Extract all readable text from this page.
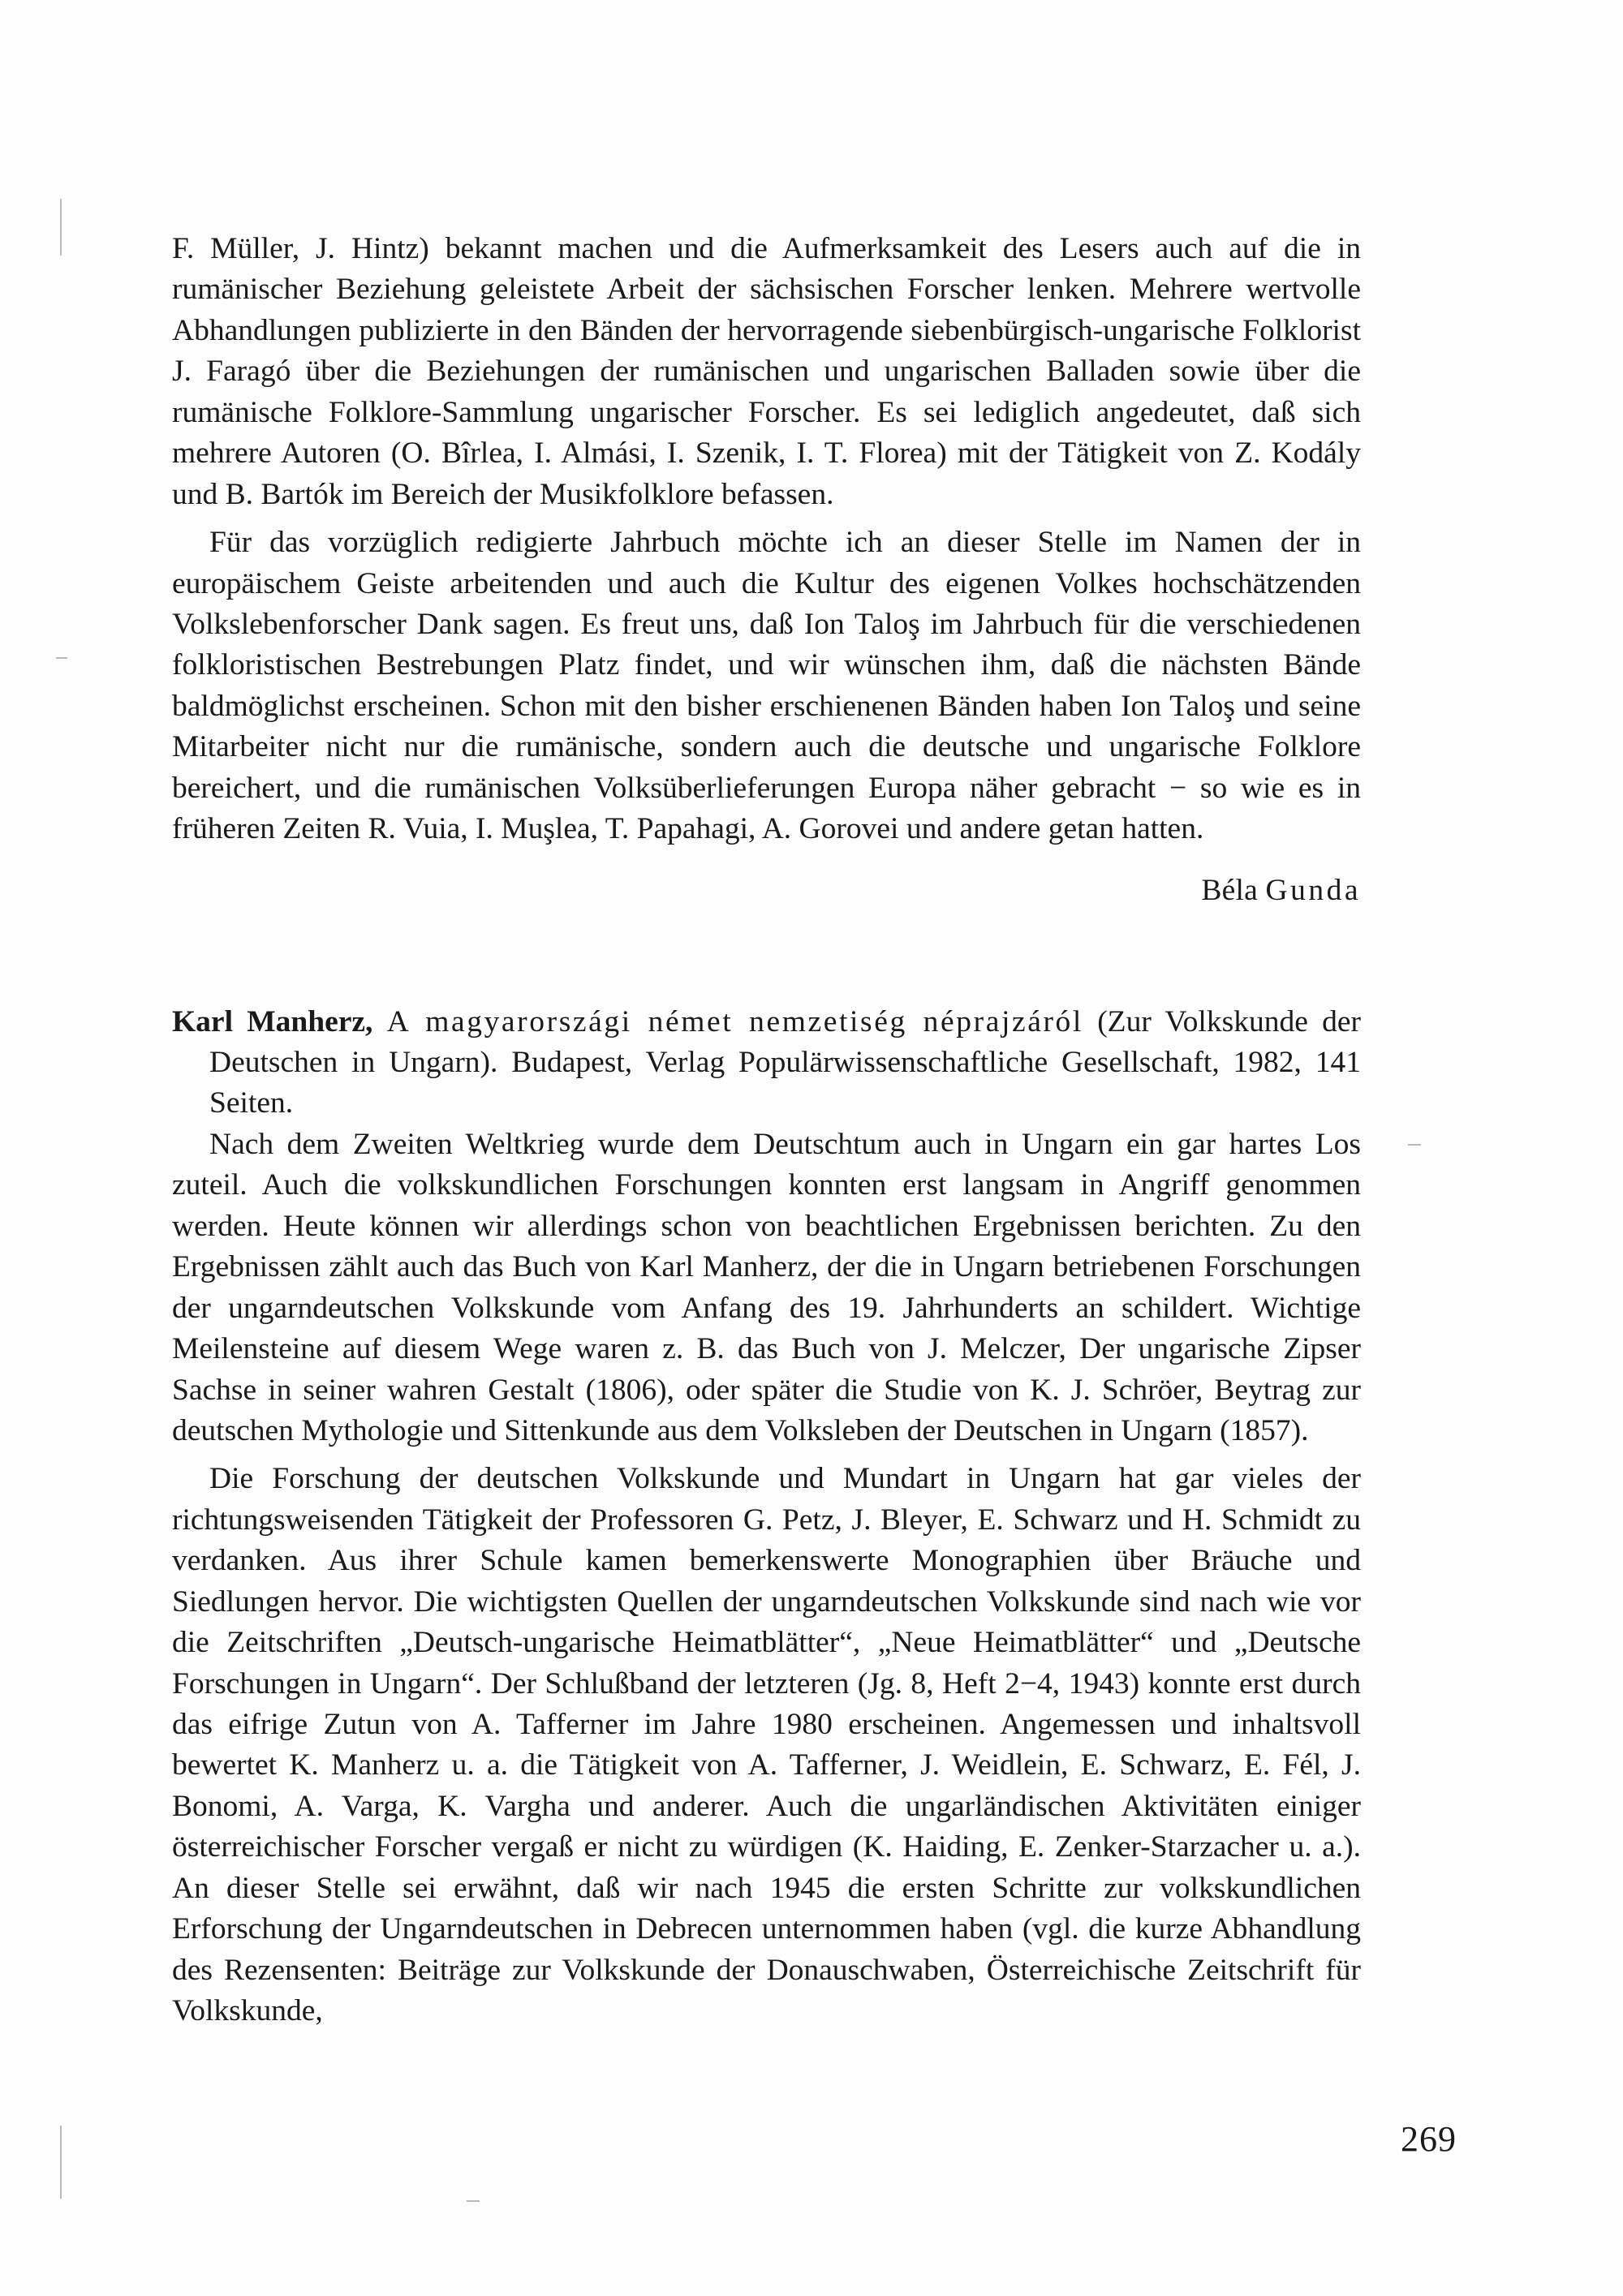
F. Müller, J. Hintz) bekannt machen und die Aufmerksamkeit des Lesers auch auf die in rumänischer Beziehung geleistete Arbeit der sächsischen Forscher lenken. Mehrere wertvolle Abhandlungen publizierte in den Bänden der hervorragende siebenbürgisch-ungarische Folklorist J. Faragó über die Beziehungen der rumänischen und ungarischen Balladen sowie über die rumänische Folklore-Sammlung ungarischer Forscher. Es sei lediglich angedeutet, daß sich mehrere Autoren (O. Bîrlea, I. Almási, I. Szenik, I. T. Florea) mit der Tätigkeit von Z. Kodály und B. Bartók im Bereich der Musikfolklore befassen.

Für das vorzüglich redigierte Jahrbuch möchte ich an dieser Stelle im Namen der in europäischem Geiste arbeitenden und auch die Kultur des eigenen Volkes hochschätzenden Volkslebenforscher Dank sagen. Es freut uns, daß Ion Taloş im Jahrbuch für die verschiedenen folkloristischen Bestrebungen Platz findet, und wir wünschen ihm, daß die nächsten Bände baldmöglichst erscheinen. Schon mit den bisher erschienenen Bänden haben Ion Taloş und seine Mitarbeiter nicht nur die rumänische, sondern auch die deutsche und ungarische Folklore bereichert, und die rumänischen Volksüberlieferungen Europa näher gebracht − so wie es in früheren Zeiten R. Vuia, I. Muşlea, T. Papahagi, A. Gorovei und andere getan hatten.

Béla Gunda
Karl Manherz, A magyarországi német nemzetiség néprajzáról (Zur Volkskunde der Deutschen in Ungarn). Budapest, Verlag Populärwissenschaftliche Gesellschaft, 1982, 141 Seiten.

Nach dem Zweiten Weltkrieg wurde dem Deutschtum auch in Ungarn ein gar hartes Los zuteil. Auch die volkskundlichen Forschungen konnten erst langsam in Angriff genommen werden. Heute können wir allerdings schon von beachtlichen Ergebnissen berichten. Zu den Ergebnissen zählt auch das Buch von Karl Manherz, der die in Ungarn betriebenen Forschungen der ungarndeutschen Volkskunde vom Anfang des 19. Jahrhunderts an schildert. Wichtige Meilensteine auf diesem Wege waren z. B. das Buch von J. Melczer, Der ungarische Zipser Sachse in seiner wahren Gestalt (1806), oder später die Studie von K. J. Schröer, Beytrag zur deutschen Mythologie und Sittenkunde aus dem Volksleben der Deutschen in Ungarn (1857).

Die Forschung der deutschen Volkskunde und Mundart in Ungarn hat gar vieles der richtungsweisenden Tätigkeit der Professoren G. Petz, J. Bleyer, E. Schwarz und H. Schmidt zu verdanken. Aus ihrer Schule kamen bemerkenswerte Monographien über Bräuche und Siedlungen hervor. Die wichtigsten Quellen der ungarndeutschen Volkskunde sind nach wie vor die Zeitschriften „Deutsch-ungarische Heimatblätter“, „Neue Heimatblätter“ und „Deutsche Forschungen in Ungarn“. Der Schlußband der letzteren (Jg. 8, Heft 2−4, 1943) konnte erst durch das eifrige Zutun von A. Tafferner im Jahre 1980 erscheinen. Angemessen und inhaltsvoll bewertet K. Manherz u. a. die Tätigkeit von A. Tafferner, J. Weidlein, E. Schwarz, E. Fél, J. Bonomi, A. Varga, K. Vargha und anderer. Auch die ungarländischen Aktivitäten einiger österreichischer Forscher vergaß er nicht zu würdigen (K. Haiding, E. Zenker-Starzacher u. a.). An dieser Stelle sei erwähnt, daß wir nach 1945 die ersten Schritte zur volkskundlichen Erforschung der Ungarndeutschen in Debrecen unternommen haben (vgl. die kurze Abhandlung des Rezensenten: Beiträge zur Volkskunde der Donauschwaben, Österreichische Zeitschrift für Volkskunde,

269
